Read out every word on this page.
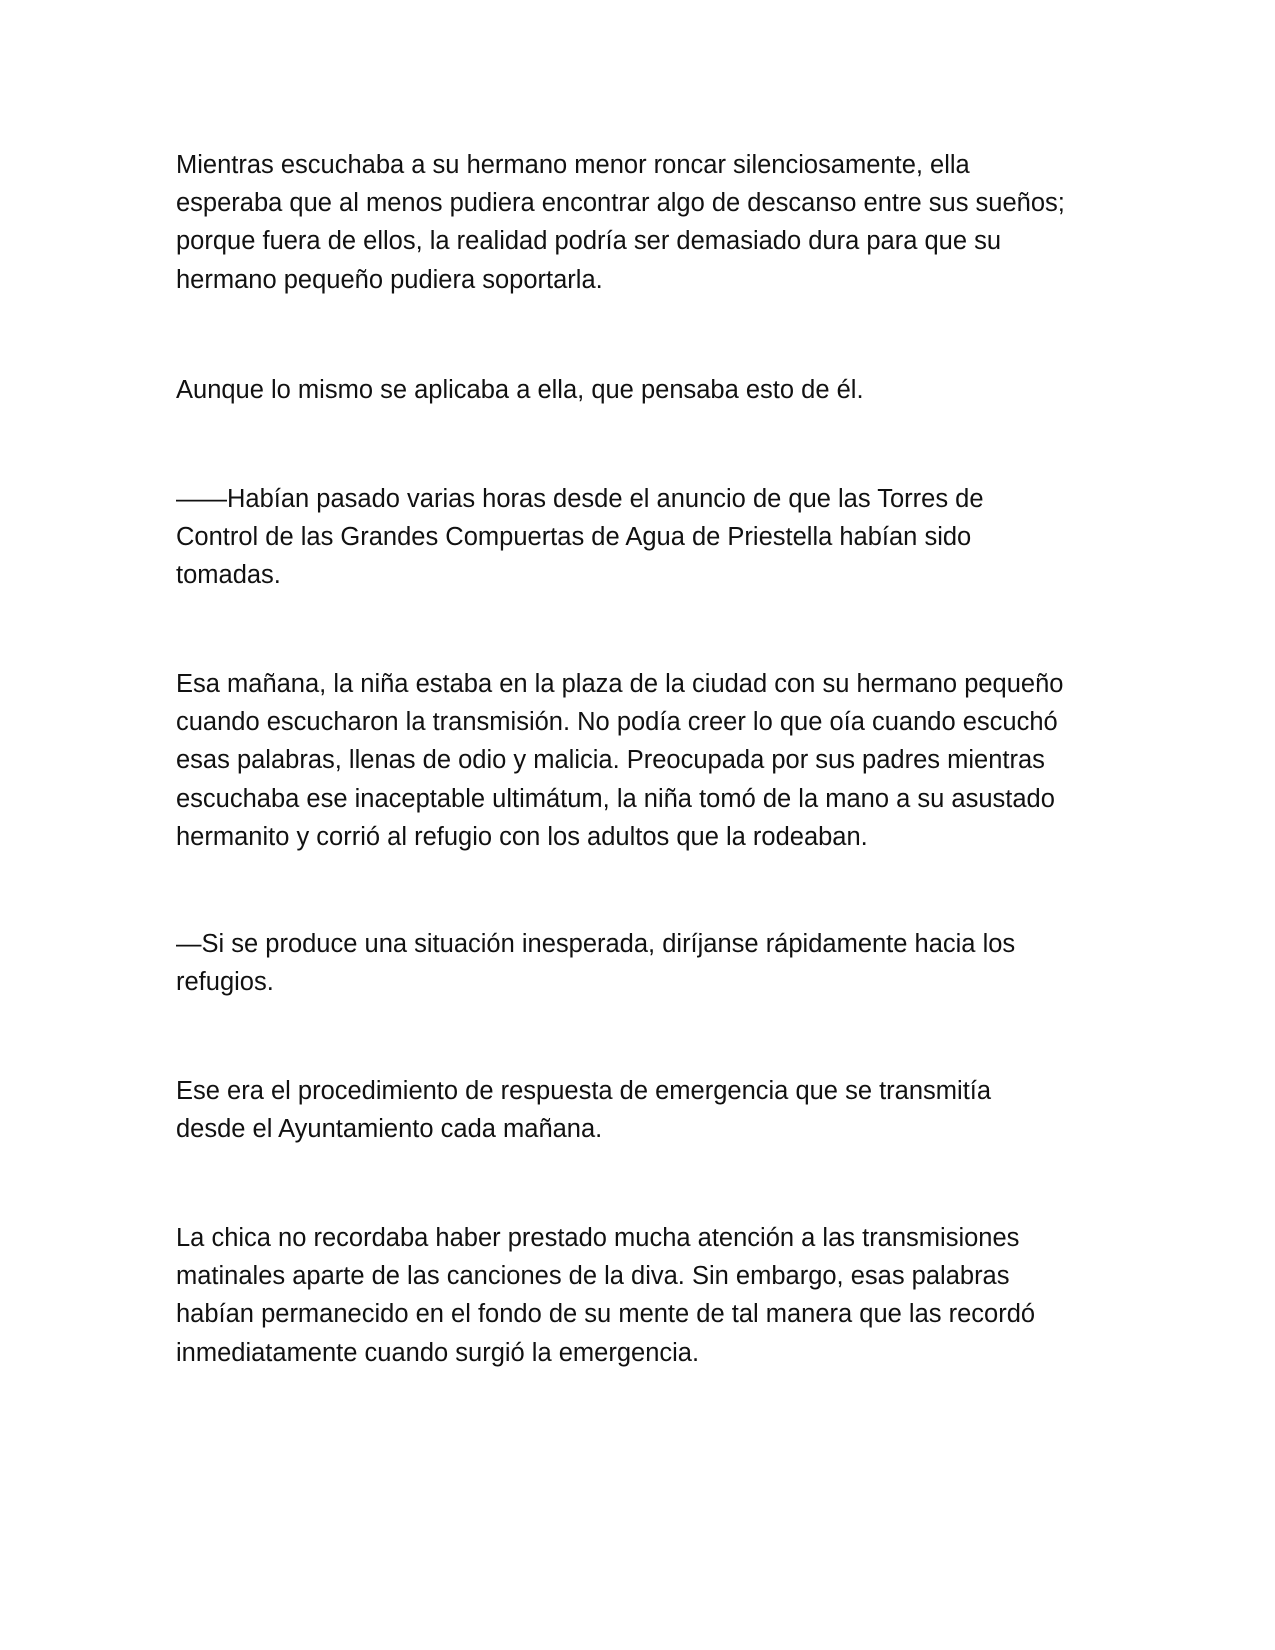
Mientras escuchaba a su hermano menor roncar silenciosamente, ella
esperaba que al menos pudiera encontrar algo de descanso entre sus sueños;
porque fuera de ellos, la realidad podría ser demasiado dura para que su
hermano pequeño pudiera soportarla.
Aunque lo mismo se aplicaba a ella, que pensaba esto de él.
——Habían pasado varias horas desde el anuncio de que las Torres de
Control de las Grandes Compuertas de Agua de Priestella habían sido
tomadas.
Esa mañana, la niña estaba en la plaza de la ciudad con su hermano pequeño
cuando escucharon la transmisión. No podía creer lo que oía cuando escuchó
esas palabras, llenas de odio y malicia. Preocupada por sus padres mientras
escuchaba ese inaceptable ultimátum, la niña tomó de la mano a su asustado
hermanito y corrió al refugio con los adultos que la rodeaban.
—Si se produce una situación inesperada, diríjanse rápidamente hacia los
refugios.
Ese era el procedimiento de respuesta de emergencia que se transmitía
desde el Ayuntamiento cada mañana.
La chica no recordaba haber prestado mucha atención a las transmisiones
matinales aparte de las canciones de la diva. Sin embargo, esas palabras
habían permanecido en el fondo de su mente de tal manera que las recordó
inmediatamente cuando surgió la emergencia.
